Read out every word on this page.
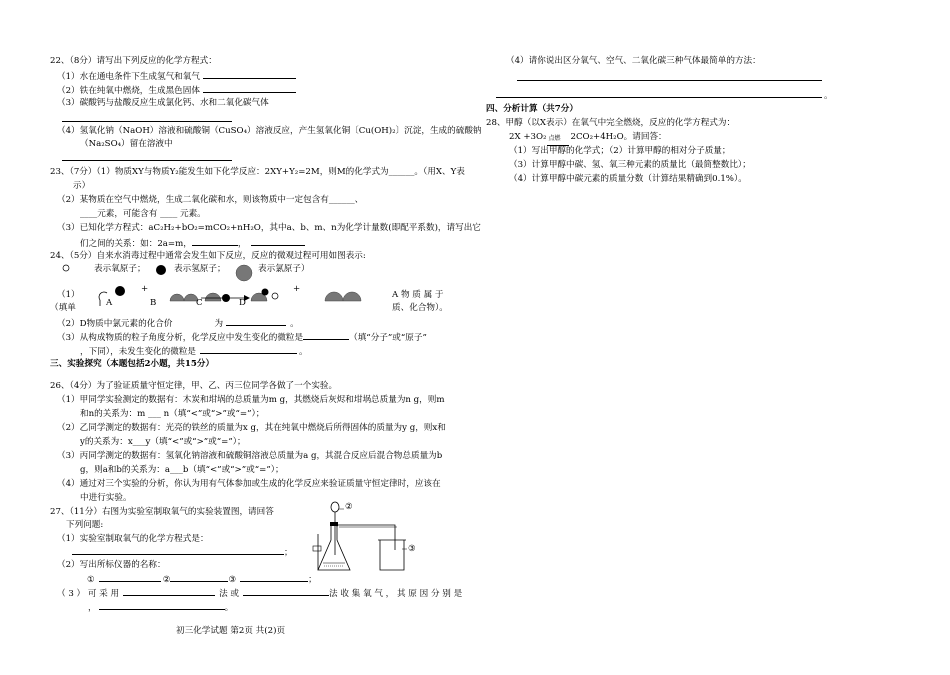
22、（8分）请写出下列反应的化学方程式：
（1）水在通电条件下生成氢气和氧气
（2）铁在纯氧中燃烧，生成黑色固体
（3）碳酸钙与盐酸反应生成氯化钙、水和二氧化碳气体
（4）氢氧化钠（NaOH）溶液和硫酸铜（CuSO₄）溶液反应，产生氢氧化铜〔Cu(OH)₂〕沉淀，生成的硫酸钠
（Na₂SO₄）留在溶液中
23、（7分）（1）物质XY与物质Y₂能发生如下化学反应：2XY+Y₂=2M，则M的化学式为______。（用X、Y表
示）
（2）某物质在空气中燃烧，生成二氧化碳和水，则该物质中一定包含有______、
____元素，可能含有 ____ 元素。
（3）已知化学方程式：aC₂H₂+bO₂=mCO₂+nH₂O，其中a、b、m、n为化学计量数(即配平系数)，请写出它
们之间的关系：如：2a=m，	，
24、（5分）自来水消毒过程中通常会发生如下反应，反应的微观过程可用如图表示:
表示氧原子；	表示氢原子；	表示氯原子）
+	+
A	B	C	D
（1）	A 物 质 属 于
（填单	质、化合物）。
（2）D物质中氯元素的化合价	为	。
（3）从构成物质的粒子角度分析，化学反应中发生变化的微粒是	（填“分子”或“原子”
，下同），未发生变化的微粒是	。
三、实验探究（本题包括2小题，共15分）
26、（4分）为了验证质量守恒定律，甲、乙、丙三位同学各做了一个实验。
（1）甲同学实验测定的数据有：木炭和坩埚的总质量为m g，其燃烧后灰烬和坩埚总质量为n g，则m
和n的关系为：m ___ n（填“<”或“>”或“=”）；
（2）乙同学测定的数据有：光亮的铁丝的质量为x g，其在纯氧中燃烧后所得固体的质量为y g，则x和
y的关系为：x___y（填“<”或“>”或“=”）；
（3）丙同学测定的数据有：氢氧化钠溶液和硫酸铜溶液总质量为a g，其混合反应后混合物总质量为b
g，则a和b的关系为：a___b（填“<”或“>”或“=”）；
（4）通过对三个实验的分析，你认为用有气体参加或生成的化学反应来验证质量守恒定律时，应该在
中进行实验。
27、（11分）右图为实验室制取氧气的实验装置图，请回答
下列问题:
（1）实验室制取氧气的化学方程式是：
；
（2）写出所标仪器的名称：
①	②	③	；
（ 3 ） 可 采 用	法 或	法 收 集 氧 气 ， 其 原 因 分 别 是
，	。
②
③
初三化学试题 第2页 共(2)页
（4）请你说出区分氧气、空气、二氧化碳三种气体最简单的方法：
。
四、分析计算（共7分）
28、甲醇（以X表示）在氧气中完全燃烧，反应的化学方程式为：
2X +3O₂ 点燃 2CO₂+4H₂O。请回答：
（1）写出甲醇的化学式；（2）计算甲醇的相对分子质量；
（3）计算甲醇中碳、氢、氧三种元素的质量比（最简整数比）；
（4）计算甲醇中碳元素的质量分数（计算结果精确到0.1%）。
